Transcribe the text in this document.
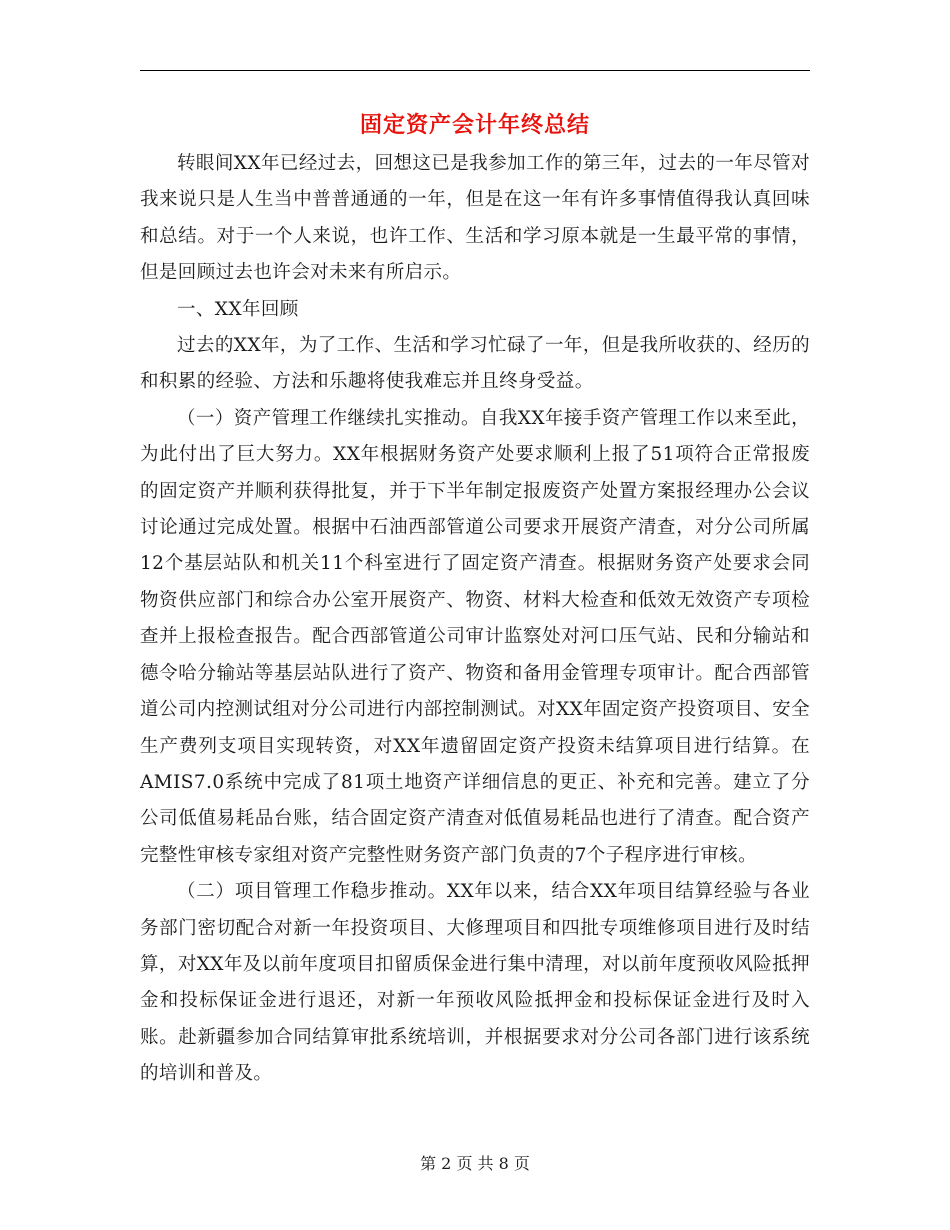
固定资产会计年终总结

转眼间XX年已经过去，回想这已是我参加工作的第三年，过去的一年尽管对我来说只是人生当中普普通通的一年，但是在这一年有许多事情值得我认真回味和总结。对于一个人来说，也许工作、生活和学习原本就是一生最平常的事情，但是回顾过去也许会对未来有所启示。

一、XX年回顾

过去的XX年，为了工作、生活和学习忙碌了一年，但是我所收获的、经历的和积累的经验、方法和乐趣将使我难忘并且终身受益。

（一）资产管理工作继续扎实推动。自我XX年接手资产管理工作以来至此，为此付出了巨大努力。XX年根据财务资产处要求顺利上报了51项符合正常报废的固定资产并顺利获得批复，并于下半年制定报废资产处置方案报经理办公会议讨论通过完成处置。根据中石油西部管道公司要求开展资产清查，对分公司所属12个基层站队和机关11个科室进行了固定资产清查。根据财务资产处要求会同物资供应部门和综合办公室开展资产、物资、材料大检查和低效无效资产专项检查并上报检查报告。配合西部管道公司审计监察处对河口压气站、民和分输站和德令哈分输站等基层站队进行了资产、物资和备用金管理专项审计。配合西部管道公司内控测试组对分公司进行内部控制测试。对XX年固定资产投资项目、安全生产费列支项目实现转资，对XX年遗留固定资产投资未结算项目进行结算。在AMIS7.0系统中完成了81项土地资产详细信息的更正、补充和完善。建立了分公司低值易耗品台账，结合固定资产清查对低值易耗品也进行了清查。配合资产完整性审核专家组对资产完整性财务资产部门负责的7个子程序进行审核。

（二）项目管理工作稳步推动。XX年以来，结合XX年项目结算经验与各业务部门密切配合对新一年投资项目、大修理项目和四批专项维修项目进行及时结算，对XX年及以前年度项目扣留质保金进行集中清理，对以前年度预收风险抵押金和投标保证金进行退还，对新一年预收风险抵押金和投标保证金进行及时入账。赴新疆参加合同结算审批系统培训，并根据要求对分公司各部门进行该系统的培训和普及。

第 2 页 共 8 页
